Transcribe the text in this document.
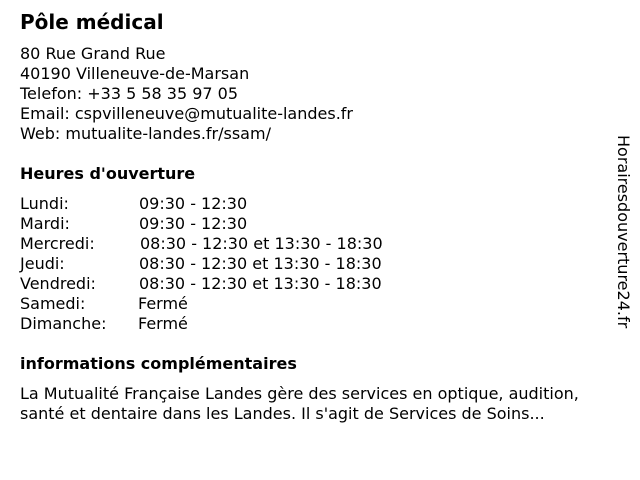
Pôle médical
80 Rue Grand Rue
40190 Villeneuve-de-Marsan
Telefon: +33 5 58 35 97 05
Email: cspvilleneuve@mutualite-landes.fr
Web: mutualite-landes.fr/ssam/
Heures d'ouverture
Lundi:	09:30 - 12:30
Mardi:	09:30 - 12:30
Mercredi:	08:30 - 12:30 et 13:30 - 18:30
Jeudi:	08:30 - 12:30 et 13:30 - 18:30
Vendredi:	08:30 - 12:30 et 13:30 - 18:30
Samedi:	Fermé
Dimanche: Fermé
informations complémentaires
La Mutualité Française Landes gère des services en optique, audition,
santé et dentaire dans les Landes. Il s'agit de Services de Soins...
Horairesdouverture24.fr
